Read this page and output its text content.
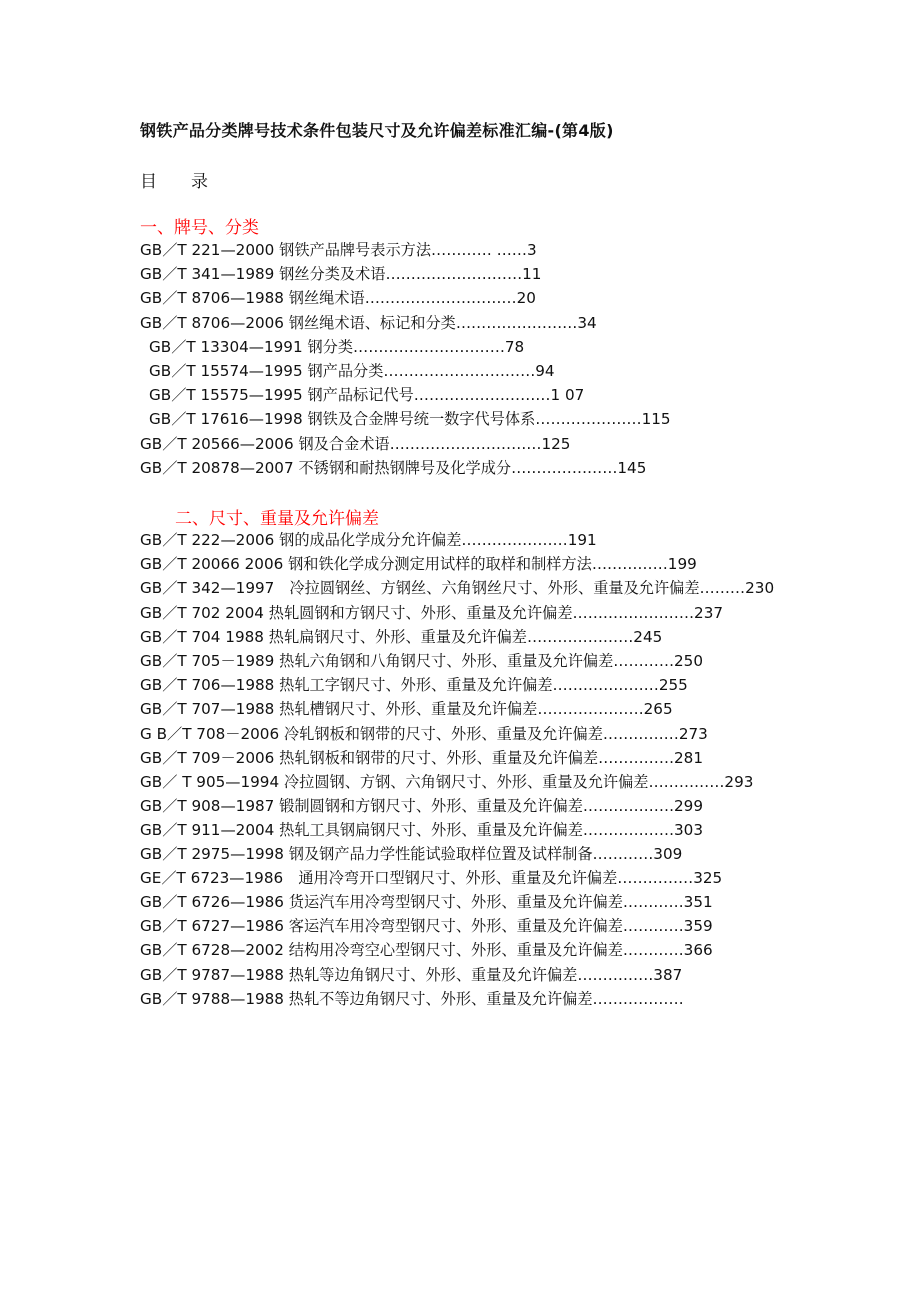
钢铁产品分类牌号技术条件包装尺寸及允许偏差标准汇编-(第4版)
目 录
一、牌号、分类
GB／T 221—2000 钢铁产品牌号表示方法………… ……3
GB／T 341—1989 钢丝分类及术语………………………11
GB／T 8706—1988 钢丝绳术语…………………………20
GB／T 8706—2006 钢丝绳术语、标记和分类……………………34
GB／T 13304—1991 钢分类…………………………78
GB／T 15574—1995 钢产品分类…………………………94
GB／T 15575—1995 钢产品标记代号………………………1 07
GB／T 17616—1998 钢铁及合金牌号统一数字代号体系…………………115
GB／T 20566—2006 钢及合金术语…………………………125
GB／T 20878—2007 不锈钢和耐热钢牌号及化学成分…………………145
二、尺寸、重量及允许偏差
GB／T 222—2006 钢的成品化学成分允许偏差…………………191
GB／T 20066 2006 钢和铁化学成分测定用试样的取样和制样方法……………199
GB／T 342—1997　冷拉圆钢丝、方钢丝、六角钢丝尺寸、外形、重量及允许偏差………230
GB／T 702 2004 热轧圆钢和方钢尺寸、外形、重量及允许偏差……………………237
GB／T 704 1988 热轧扁钢尺寸、外形、重量及允许偏差…………………245
GB／T 705－1989 热轧六角钢和八角钢尺寸、外形、重量及允许偏差…………250
GB／T 706—1988 热轧工字钢尺寸、外形、重量及允许偏差…………………255
GB／T 707—1988 热轧槽钢尺寸、外形、重量及允许偏差…………………265
G B／T 708－2006 冷轧钢板和钢带的尺寸、外形、重量及允许偏差……………273
GB／T 709－2006 热轧钢板和钢带的尺寸、外形、重量及允许偏差……………281
GB／ T 905—1994 冷拉圆钢、方钢、六角钢尺寸、外形、重量及允许偏差……………293
GB／T 908—1987 锻制圆钢和方钢尺寸、外形、重量及允许偏差………………299
GB／T 911—2004 热轧工具钢扁钢尺寸、外形、重量及允许偏差………………303
GB／T 2975—1998 钢及钢产品力学性能试验取样位置及试样制备…………309
GE／T 6723—1986　通用冷弯开口型钢尺寸、外形、重量及允许偏差……………325
GB／T 6726—1986 货运汽车用冷弯型钢尺寸、外形、重量及允许偏差…………351
GB／T 6727—1986 客运汽车用冷弯型钢尺寸、外形、重量及允许偏差…………359
GB／T 6728—2002 结构用冷弯空心型钢尺寸、外形、重量及允许偏差…………366
GB／T 9787—1988 热轧等边角钢尺寸、外形、重量及允许偏差……………387
GB／T 9788—1988 热轧不等边角钢尺寸、外形、重量及允许偏差………………
